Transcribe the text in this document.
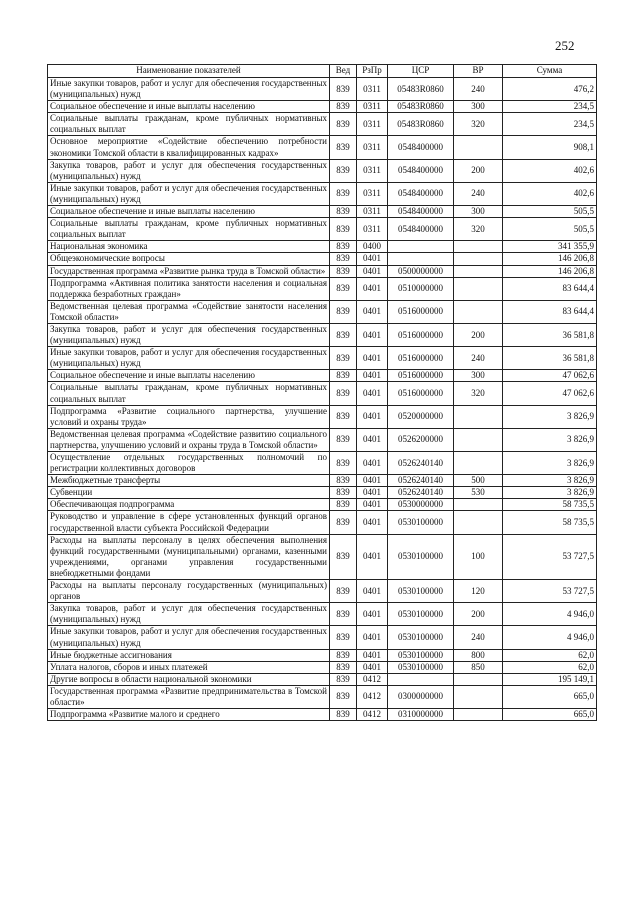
252
Наименование показателей	Вед	РзПр	ЦСР	ВР	Сумма
Иные закупки товаров, работ и услуг для обеспечения государственных (муниципальных) нужд	839	0311	05483R0860	240	476,2
Социальное обеспечение и иные выплаты населению	839	0311	05483R0860	300	234,5
Социальные выплаты гражданам, кроме публичных нормативных социальных выплат	839	0311	05483R0860	320	234,5
Основное мероприятие «Содействие обеспечению потребности экономики Томской области в квалифицированных кадрах»	839	0311	0548400000		908,1
Закупка товаров, работ и услуг для обеспечения государственных (муниципальных) нужд	839	0311	0548400000	200	402,6
Иные закупки товаров, работ и услуг для обеспечения государственных (муниципальных) нужд	839	0311	0548400000	240	402,6
Социальное обеспечение и иные выплаты населению	839	0311	0548400000	300	505,5
Социальные выплаты гражданам, кроме публичных нормативных социальных выплат	839	0311	0548400000	320	505,5
Национальная экономика	839	0400			341 355,9
Общеэкономические вопросы	839	0401			146 206,8
Государственная программа «Развитие рынка труда в Томской области»	839	0401	0500000000		146 206,8
Подпрограмма «Активная политика занятости населения и социальная поддержка безработных граждан»	839	0401	0510000000		83 644,4
Ведомственная целевая программа «Содействие занятости населения Томской области»	839	0401	0516000000		83 644,4
Закупка товаров, работ и услуг для обеспечения государственных (муниципальных) нужд	839	0401	0516000000	200	36 581,8
Иные закупки товаров, работ и услуг для обеспечения государственных (муниципальных) нужд	839	0401	0516000000	240	36 581,8
Социальное обеспечение и иные выплаты населению	839	0401	0516000000	300	47 062,6
Социальные выплаты гражданам, кроме публичных нормативных социальных выплат	839	0401	0516000000	320	47 062,6
Подпрограмма «Развитие социального партнерства, улучшение условий и охраны труда»	839	0401	0520000000		3 826,9
Ведомственная целевая программа «Содействие развитию социального партнерства, улучшению условий и охраны труда в Томской области»	839	0401	0526200000		3 826,9
Осуществление отдельных государственных полномочий по регистрации коллективных договоров	839	0401	0526240140		3 826,9
Межбюджетные трансферты	839	0401	0526240140	500	3 826,9
Субвенции	839	0401	0526240140	530	3 826,9
Обеспечивающая подпрограмма	839	0401	0530000000		58 735,5
Руководство и управление в сфере установленных функций органов государственной власти субъекта Российской Федерации	839	0401	0530100000		58 735,5
Расходы на выплаты персоналу в целях обеспечения выполнения функций государственными (муниципальными) органами, казенными учреждениями, органами управления государственными внебюджетными фондами	839	0401	0530100000	100	53 727,5
Расходы на выплаты персоналу государственных (муниципальных) органов	839	0401	0530100000	120	53 727,5
Закупка товаров, работ и услуг для обеспечения государственных (муниципальных) нужд	839	0401	0530100000	200	4 946,0
Иные закупки товаров, работ и услуг для обеспечения государственных (муниципальных) нужд	839	0401	0530100000	240	4 946,0
Иные бюджетные ассигнования	839	0401	0530100000	800	62,0
Уплата налогов, сборов и иных платежей	839	0401	0530100000	850	62,0
Другие вопросы в области национальной экономики	839	0412			195 149,1
Государственная программа «Развитие предпринимательства в Томской области»	839	0412	0300000000		665,0
Подпрограмма «Развитие малого и среднего	839	0412	0310000000		665,0
